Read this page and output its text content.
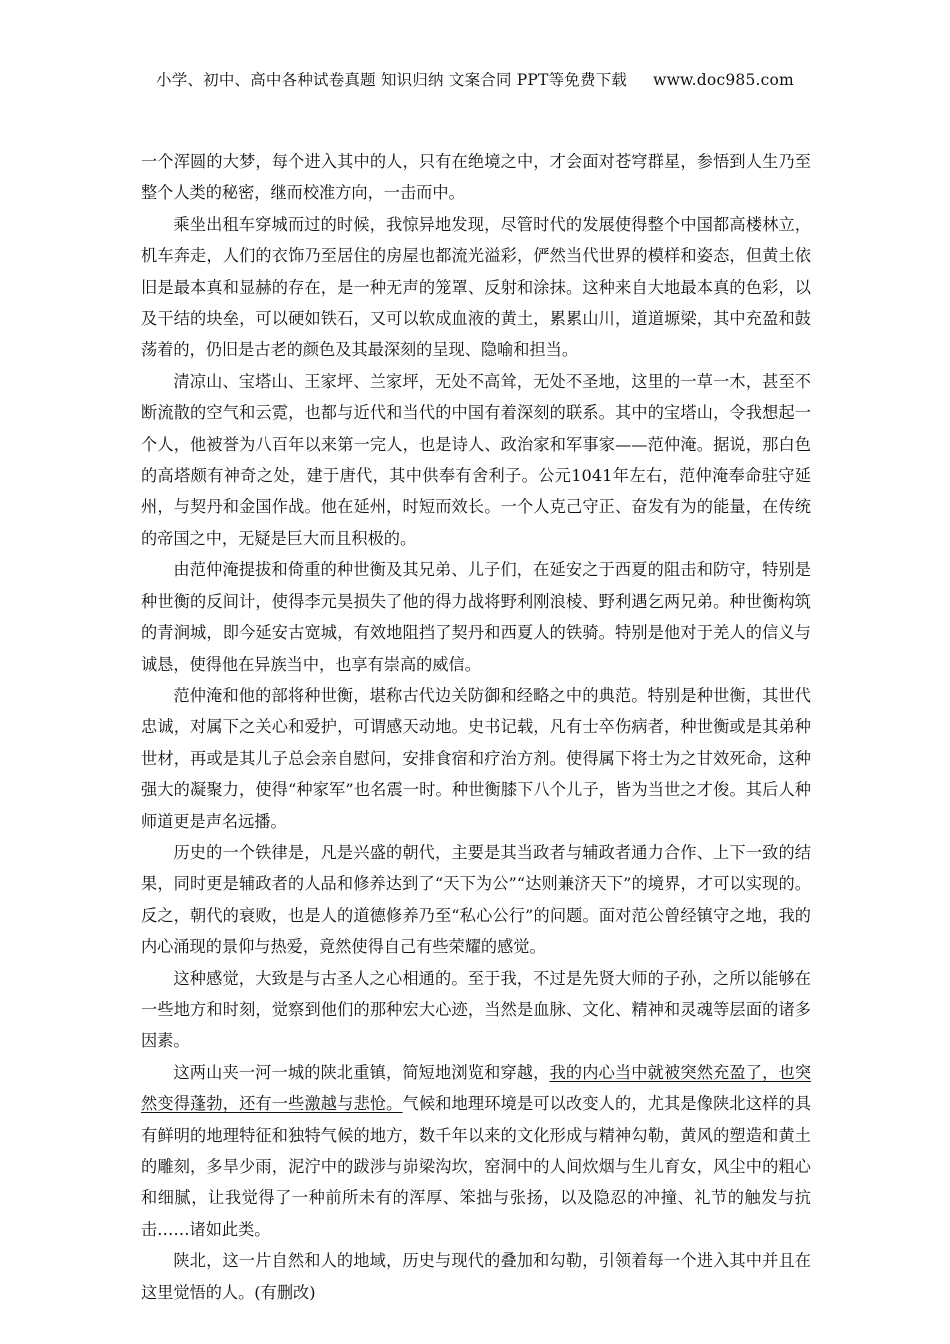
小学、初中、高中各种试卷真题 知识归纳 文案合同 PPT等免费下载 www.doc985.com

一个浑圆的大梦，每个进入其中的人，只有在绝境之中，才会面对苍穹群星，参悟到人生乃至整个人类的秘密，继而校准方向，一击而中。

乘坐出租车穿城而过的时候，我惊异地发现，尽管时代的发展使得整个中国都高楼林立，机车奔走，人们的衣饰乃至居住的房屋也都流光溢彩，俨然当代世界的模样和姿态，但黄土依旧是最本真和显赫的存在，是一种无声的笼罩、反射和涂抹。这种来自大地最本真的色彩，以及干结的块垒，可以硬如铁石，又可以软成血液的黄土，累累山川，道道塬梁，其中充盈和鼓荡着的，仍旧是古老的颜色及其最深刻的呈现、隐喻和担当。

清凉山、宝塔山、王家坪、兰家坪，无处不高耸，无处不圣地，这里的一草一木，甚至不断流散的空气和云霓，也都与近代和当代的中国有着深刻的联系。其中的宝塔山，令我想起一个人，他被誉为八百年以来第一完人，也是诗人、政治家和军事家——范仲淹。据说，那白色的高塔颇有神奇之处，建于唐代，其中供奉有舍利子。公元1041年左右，范仲淹奉命驻守延州，与契丹和金国作战。他在延州，时短而效长。一个人克己守正、奋发有为的能量，在传统的帝国之中，无疑是巨大而且积极的。

由范仲淹提拔和倚重的种世衡及其兄弟、儿子们，在延安之于西夏的阻击和防守，特别是种世衡的反间计，使得李元昊损失了他的得力战将野利刚浪棱、野利遇乞两兄弟。种世衡构筑的青涧城，即今延安古宽城，有效地阻挡了契丹和西夏人的铁骑。特别是他对于羌人的信义与诚恳，使得他在异族当中，也享有崇高的威信。

范仲淹和他的部将种世衡，堪称古代边关防御和经略之中的典范。特别是种世衡，其世代忠诚，对属下之关心和爱护，可谓感天动地。史书记载，凡有士卒伤病者，种世衡或是其弟种世材，再或是其儿子总会亲自慰问，安排食宿和疗治方剂。使得属下将士为之甘效死命，这种强大的凝聚力，使得“种家军”也名震一时。种世衡膝下八个儿子，皆为当世之才俊。其后人种师道更是声名远播。

历史的一个铁律是，凡是兴盛的朝代，主要是其当政者与辅政者通力合作、上下一致的结果，同时更是辅政者的人品和修养达到了“天下为公”“达则兼济天下”的境界，才可以实现的。反之，朝代的衰败，也是人的道德修养乃至“私心公行”的问题。面对范公曾经镇守之地，我的内心涌现的景仰与热爱，竟然使得自己有些荣耀的感觉。

这种感觉，大致是与古圣人之心相通的。至于我，不过是先贤大师的子孙，之所以能够在一些地方和时刻，觉察到他们的那种宏大心迹，当然是血脉、文化、精神和灵魂等层面的诸多因素。

这两山夹一河一城的陕北重镇，简短地浏览和穿越，我的内心当中就被突然充盈了，也突然变得蓬勃，还有一些激越与悲怆。气候和地理环境是可以改变人的，尤其是像陕北这样的具有鲜明的地理特征和独特气候的地方，数千年以来的文化形成与精神勾勒，黄风的塑造和黄土的雕刻，多旱少雨，泥泞中的跋涉与峁梁沟坎，窑洞中的人间炊烟与生儿育女，风尘中的粗心和细腻，让我觉得了一种前所未有的浑厚、笨拙与张扬，以及隐忍的冲撞、礼节的触发与抗击……诸如此类。

陕北，这一片自然和人的地域，历史与现代的叠加和勾勒，引领着每一个进入其中并且在这里觉悟的人。(有删改)
